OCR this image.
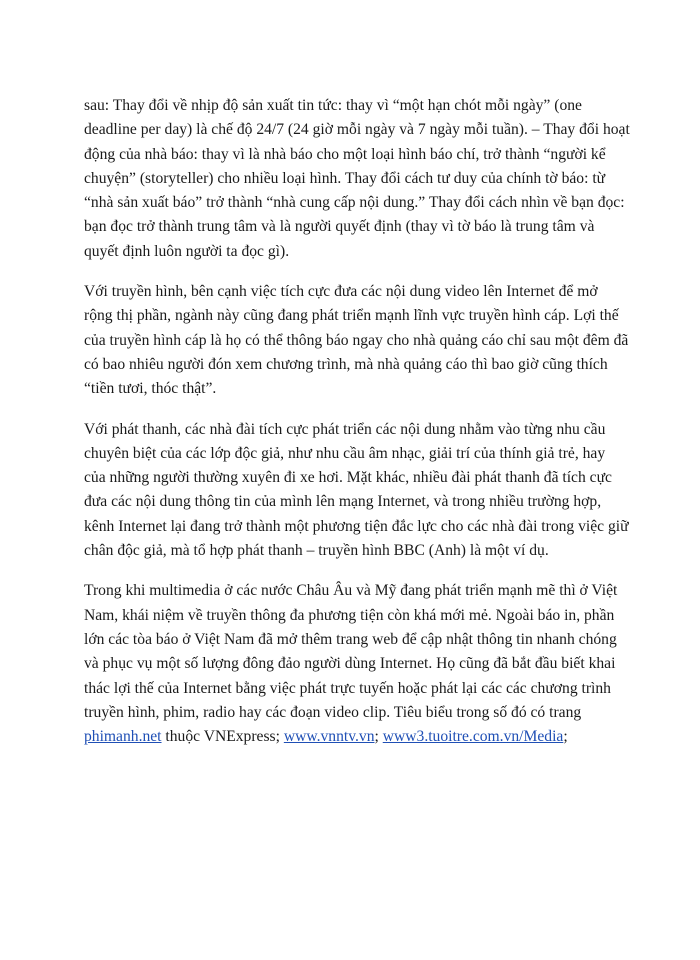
sau: Thay đổi về nhịp độ sản xuất tin tức: thay vì “một hạn chót mỗi ngày” (one deadline per day) là chế độ 24/7 (24 giờ mỗi ngày và 7 ngày mỗi tuần). – Thay đổi hoạt động của nhà báo: thay vì là nhà báo cho một loại hình báo chí, trở thành “người kể chuyện” (storyteller) cho nhiều loại hình. Thay đổi cách tư duy của chính tờ báo: từ “nhà sản xuất báo” trở thành “nhà cung cấp nội dung.” Thay đổi cách nhìn về bạn đọc: bạn đọc trở thành trung tâm và là người quyết định (thay vì tờ báo là trung tâm và quyết định luôn người ta đọc gì).

Với truyền hình, bên cạnh việc tích cực đưa các nội dung video lên Internet để mở rộng thị phần, ngành này cũng đang phát triển mạnh lĩnh vực truyền hình cáp. Lợi thế của truyền hình cáp là họ có thể thông báo ngay cho nhà quảng cáo chỉ sau một đêm đã có bao nhiêu người đón xem chương trình, mà nhà quảng cáo thì bao giờ cũng thích “tiền tươi, thóc thật”.

Với phát thanh, các nhà đài tích cực phát triển các nội dung nhằm vào từng nhu cầu chuyên biệt của các lớp độc giả, như nhu cầu âm nhạc, giải trí của thính giả trẻ, hay của những người thường xuyên đi xe hơi. Mặt khác, nhiều đài phát thanh đã tích cực đưa các nội dung thông tin của mình lên mạng Internet, và trong nhiều trường hợp, kênh Internet lại đang trở thành một phương tiện đắc lực cho các nhà đài trong việc giữ chân độc giả, mà tổ hợp phát thanh – truyền hình BBC (Anh) là một ví dụ.

Trong khi multimedia ở các nước Châu Âu và Mỹ đang phát triển mạnh mẽ thì ở Việt Nam, khái niệm về truyền thông đa phương tiện còn khá mới mẻ. Ngoài báo in, phần lớn các tòa báo ở Việt Nam đã mở thêm trang web để cập nhật thông tin nhanh chóng và phục vụ một số lượng đông đảo người dùng Internet. Họ cũng đã bắt đầu biết khai thác lợi thế của Internet bằng việc phát trực tuyến hoặc phát lại các các chương trình truyền hình, phim, radio hay các đoạn video clip. Tiêu biểu trong số đó có trang phimanh.net thuộc VNExpress; www.vnntv.vn; www3.tuoitre.com.vn/Media;
